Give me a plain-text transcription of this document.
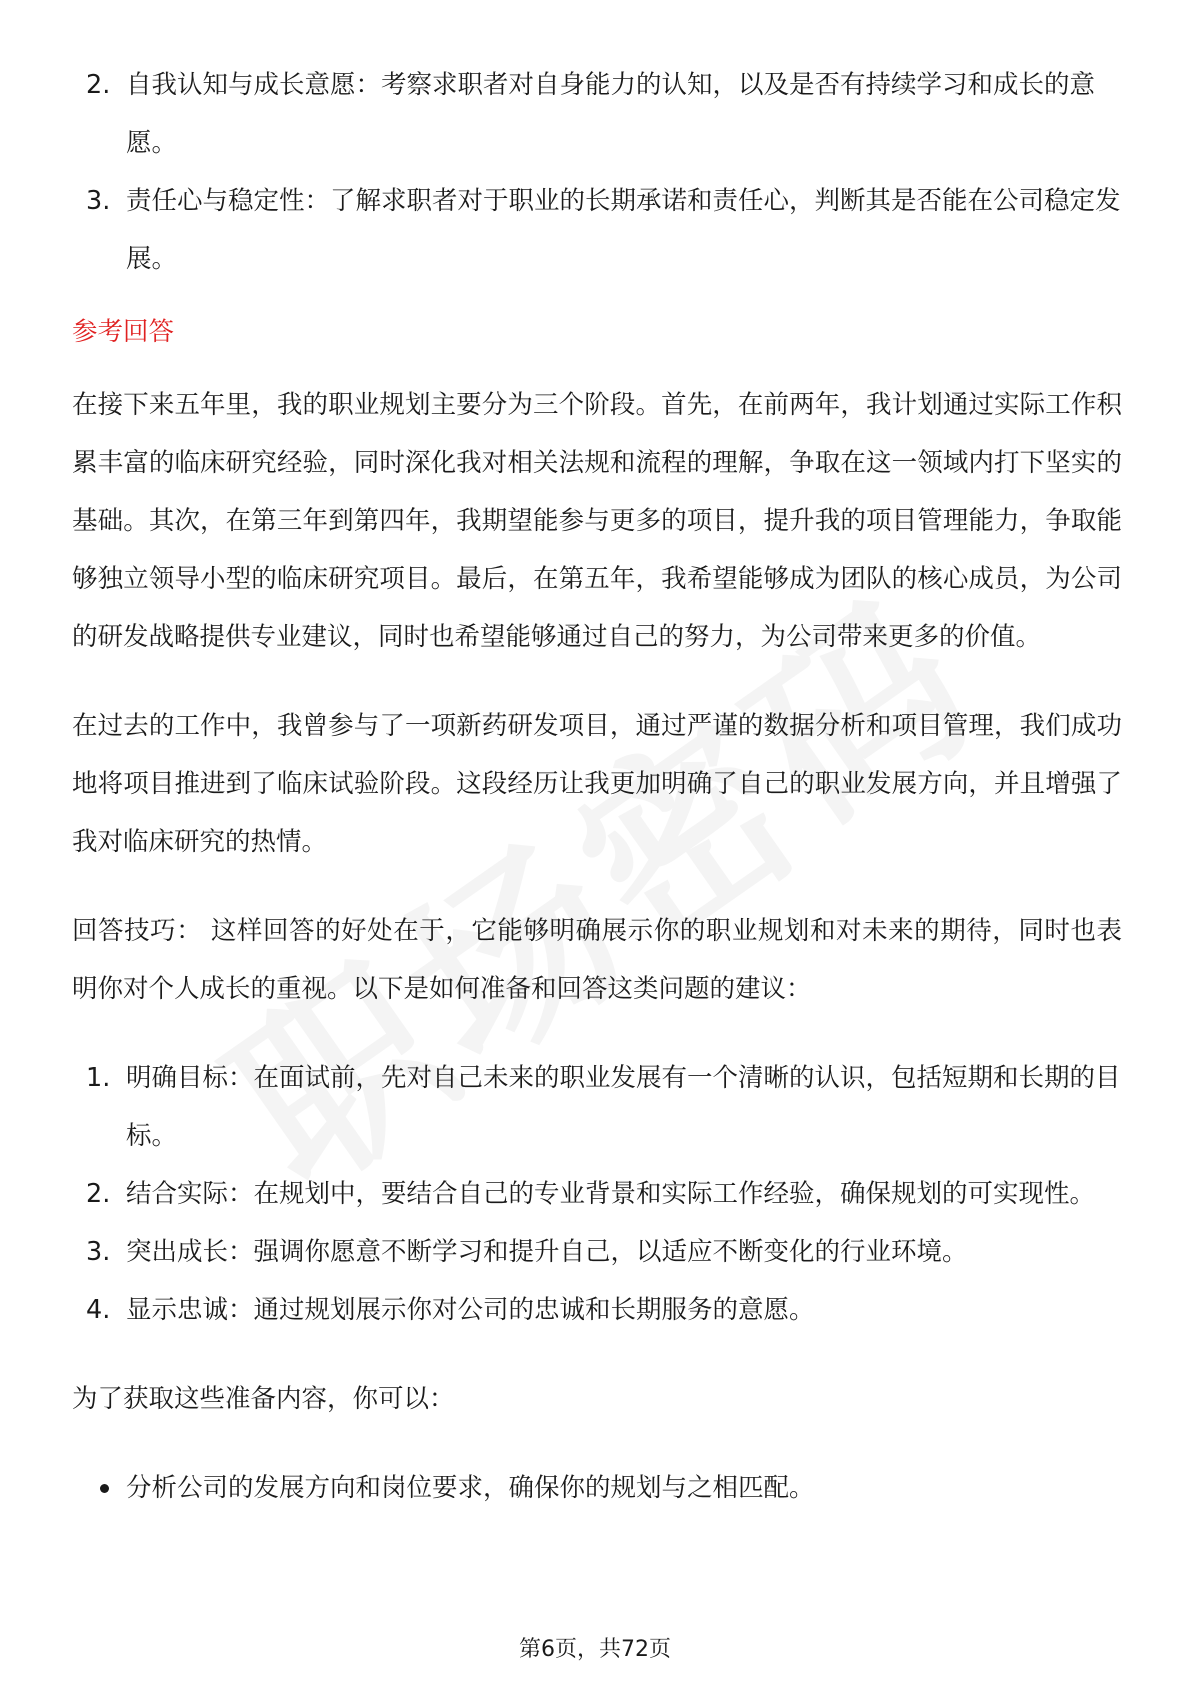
2. 自我认知与成长意愿：考察求职者对自身能力的认知，以及是否有持续学习和成长的意愿。
3. 责任心与稳定性：了解求职者对于职业的长期承诺和责任心，判断其是否能在公司稳定发展。
参考回答

在接下来五年里，我的职业规划主要分为三个阶段。首先，在前两年，我计划通过实际工作积累丰富的临床研究经验，同时深化我对相关法规和流程的理解，争取在这一领域内打下坚实的基础。其次，在第三年到第四年，我期望能参与更多的项目，提升我的项目管理能力，争取能够独立领导小型的临床研究项目。最后，在第五年，我希望能够成为团队的核心成员，为公司的研发战略提供专业建议，同时也希望能够通过自己的努力，为公司带来更多的价值。

在过去的工作中，我曾参与了一项新药研发项目，通过严谨的数据分析和项目管理，我们成功地将项目推进到了临床试验阶段。这段经历让我更加明确了自己的职业发展方向，并且增强了我对临床研究的热情。

回答技巧： 这样回答的好处在于，它能够明确展示你的职业规划和对未来的期待，同时也表明你对个人成长的重视。以下是如何准备和回答这类问题的建议：

1. 明确目标：在面试前，先对自己未来的职业发展有一个清晰的认识，包括短期和长期的目标。
2. 结合实际：在规划中，要结合自己的专业背景和实际工作经验，确保规划的可实现性。
3. 突出成长：强调你愿意不断学习和提升自己，以适应不断变化的行业环境。
4. 显示忠诚：通过规划展示你对公司的忠诚和长期服务的意愿。

为了获取这些准备内容，你可以：

分析公司的发展方向和岗位要求，确保你的规划与之相匹配。
第6页，共72页
